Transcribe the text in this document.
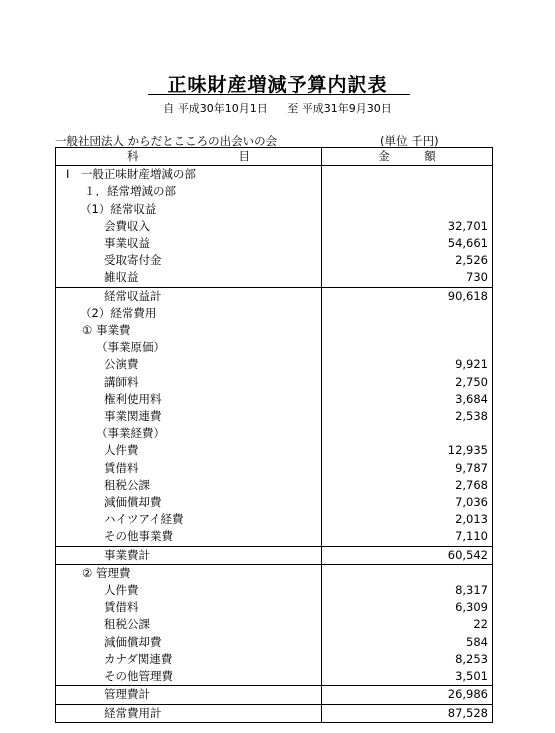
正味財産増減予算内訳表
自 平成30年10月1日 至 平成31年9月30日
一般社団法人 からだとこころの出会いの会	(単位 千円)
科 目	金　　　額
Ⅰ　一般正味財産増減の部	
１．経常増減の部	
（1）経常収益	
会費収入	32,701
事業収益	54,661
受取寄付金	2,526
雑収益	730
経常収益計	90,618
（2）経常費用	
① 事業費	
（事業原価）	
公演費	9,921
講師料	2,750
権利使用料	3,684
事業関連費	2,538
（事業経費）	
人件費	12,935
賃借料	9,787
租税公課	2,768
減価償却費	7,036
ハイツアイ経費	2,013
その他事業費	7,110
事業費計	60,542
② 管理費	
人件費	8,317
賃借料	6,309
租税公課	22
減価償却費	584
カナダ関連費	8,253
その他管理費	3,501
管理費計	26,986
経常費用計	87,528
